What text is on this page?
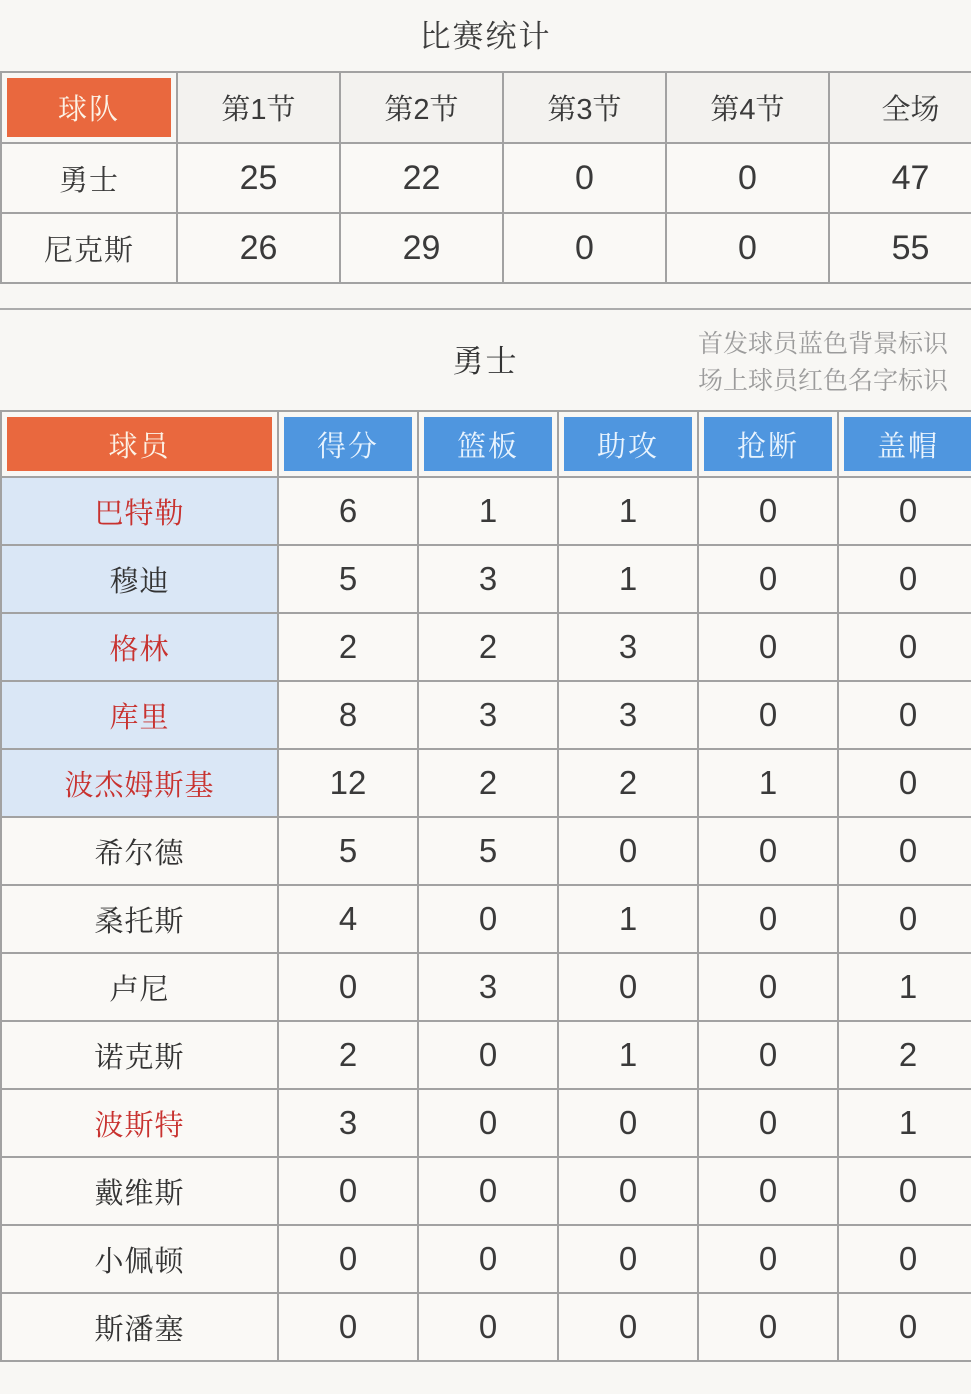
比赛统计
球队	第1节	第2节	第3节	第4节	全场
勇士	25	22	0	0	47
尼克斯	26	29	0	0	55
勇士	首发球员蓝色背景标识
场上球员红色名字标识
球员	得分	篮板	助攻	抢断	盖帽
巴特勒	6	1	1	0	0
穆迪	5	3	1	0	0
格林	2	2	3	0	0
库里	8	3	3	0	0
波杰姆斯基	12	2	2	1	0
希尔德	5	5	0	0	0
桑托斯	4	0	1	0	0
卢尼	0	3	0	0	1
诺克斯	2	0	1	0	2
波斯特	3	0	0	0	1
戴维斯	0	0	0	0	0
小佩顿	0	0	0	0	0
斯潘塞	0	0	0	0	0
